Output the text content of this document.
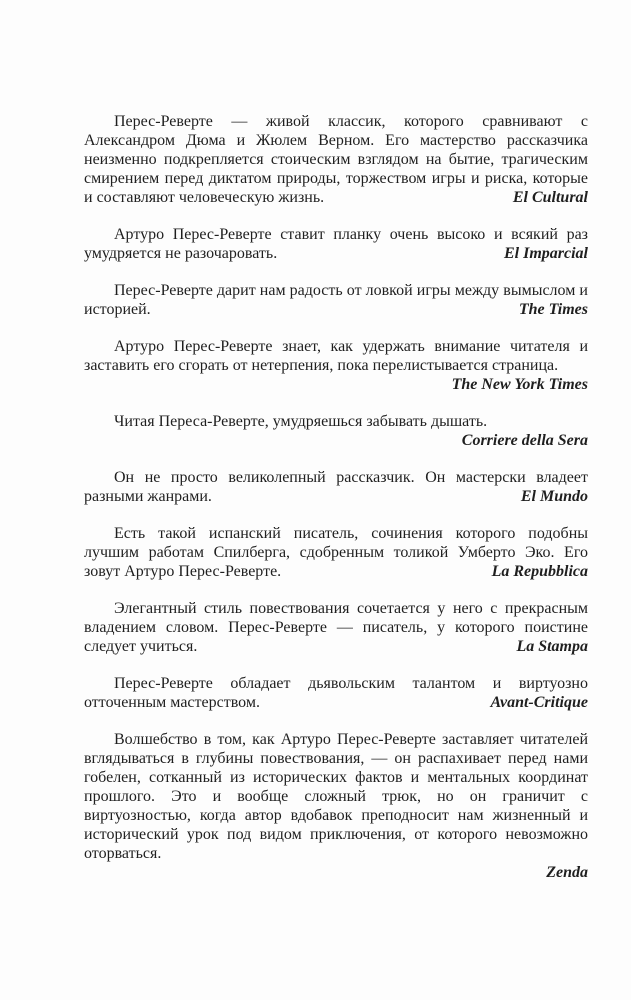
Перес-Реверте — живой классик, которого сравнивают с Александром Дюма и Жюлем Верном. Его мастерство рассказчика неизменно подкрепляется стоическим взглядом на бытие, трагическим смирением перед диктатом природы, торжеством игры и риска, которые и составляют человеческую жизнь.	El Cultural

Артуро Перес-Реверте ставит планку очень высоко и всякий раз умудряется не разочаровать.	El Imparcial

Перес-Реверте дарит нам радость от ловкой игры между вымыслом и историей.	The Times

Артуро Перес-Реверте знает, как удержать внимание читателя и заставить его сгорать от нетерпения, пока перелистывается страница.
The New York Times

Читая Переса-Реверте, умудряешься забывать дышать.
Corriere della Sera

Он не просто великолепный рассказчик. Он мастерски владеет разными жанрами.	El Mundo

Есть такой испанский писатель, сочинения которого подобны лучшим работам Спилберга, сдобренным толикой Умберто Эко. Его зовут Артуро Перес-Реверте.	La Repubblica

Элегантный стиль повествования сочетается у него с прекрасным владением словом. Перес-Реверте — писатель, у которого поистине следует учиться.	La Stampa

Перес-Реверте обладает дьявольским талантом и виртуозно отточенным мастерством.	Avant-Critique

Волшебство в том, как Артуро Перес-Реверте заставляет читателей вглядываться в глубины повествования, — он распахивает перед нами гобелен, сотканный из исторических фактов и ментальных координат прошлого. Это и вообще сложный трюк, но он граничит с виртуозностью, когда автор вдобавок преподносит нам жизненный и исторический урок под видом приключения, от которого невозможно оторваться.
Zenda
